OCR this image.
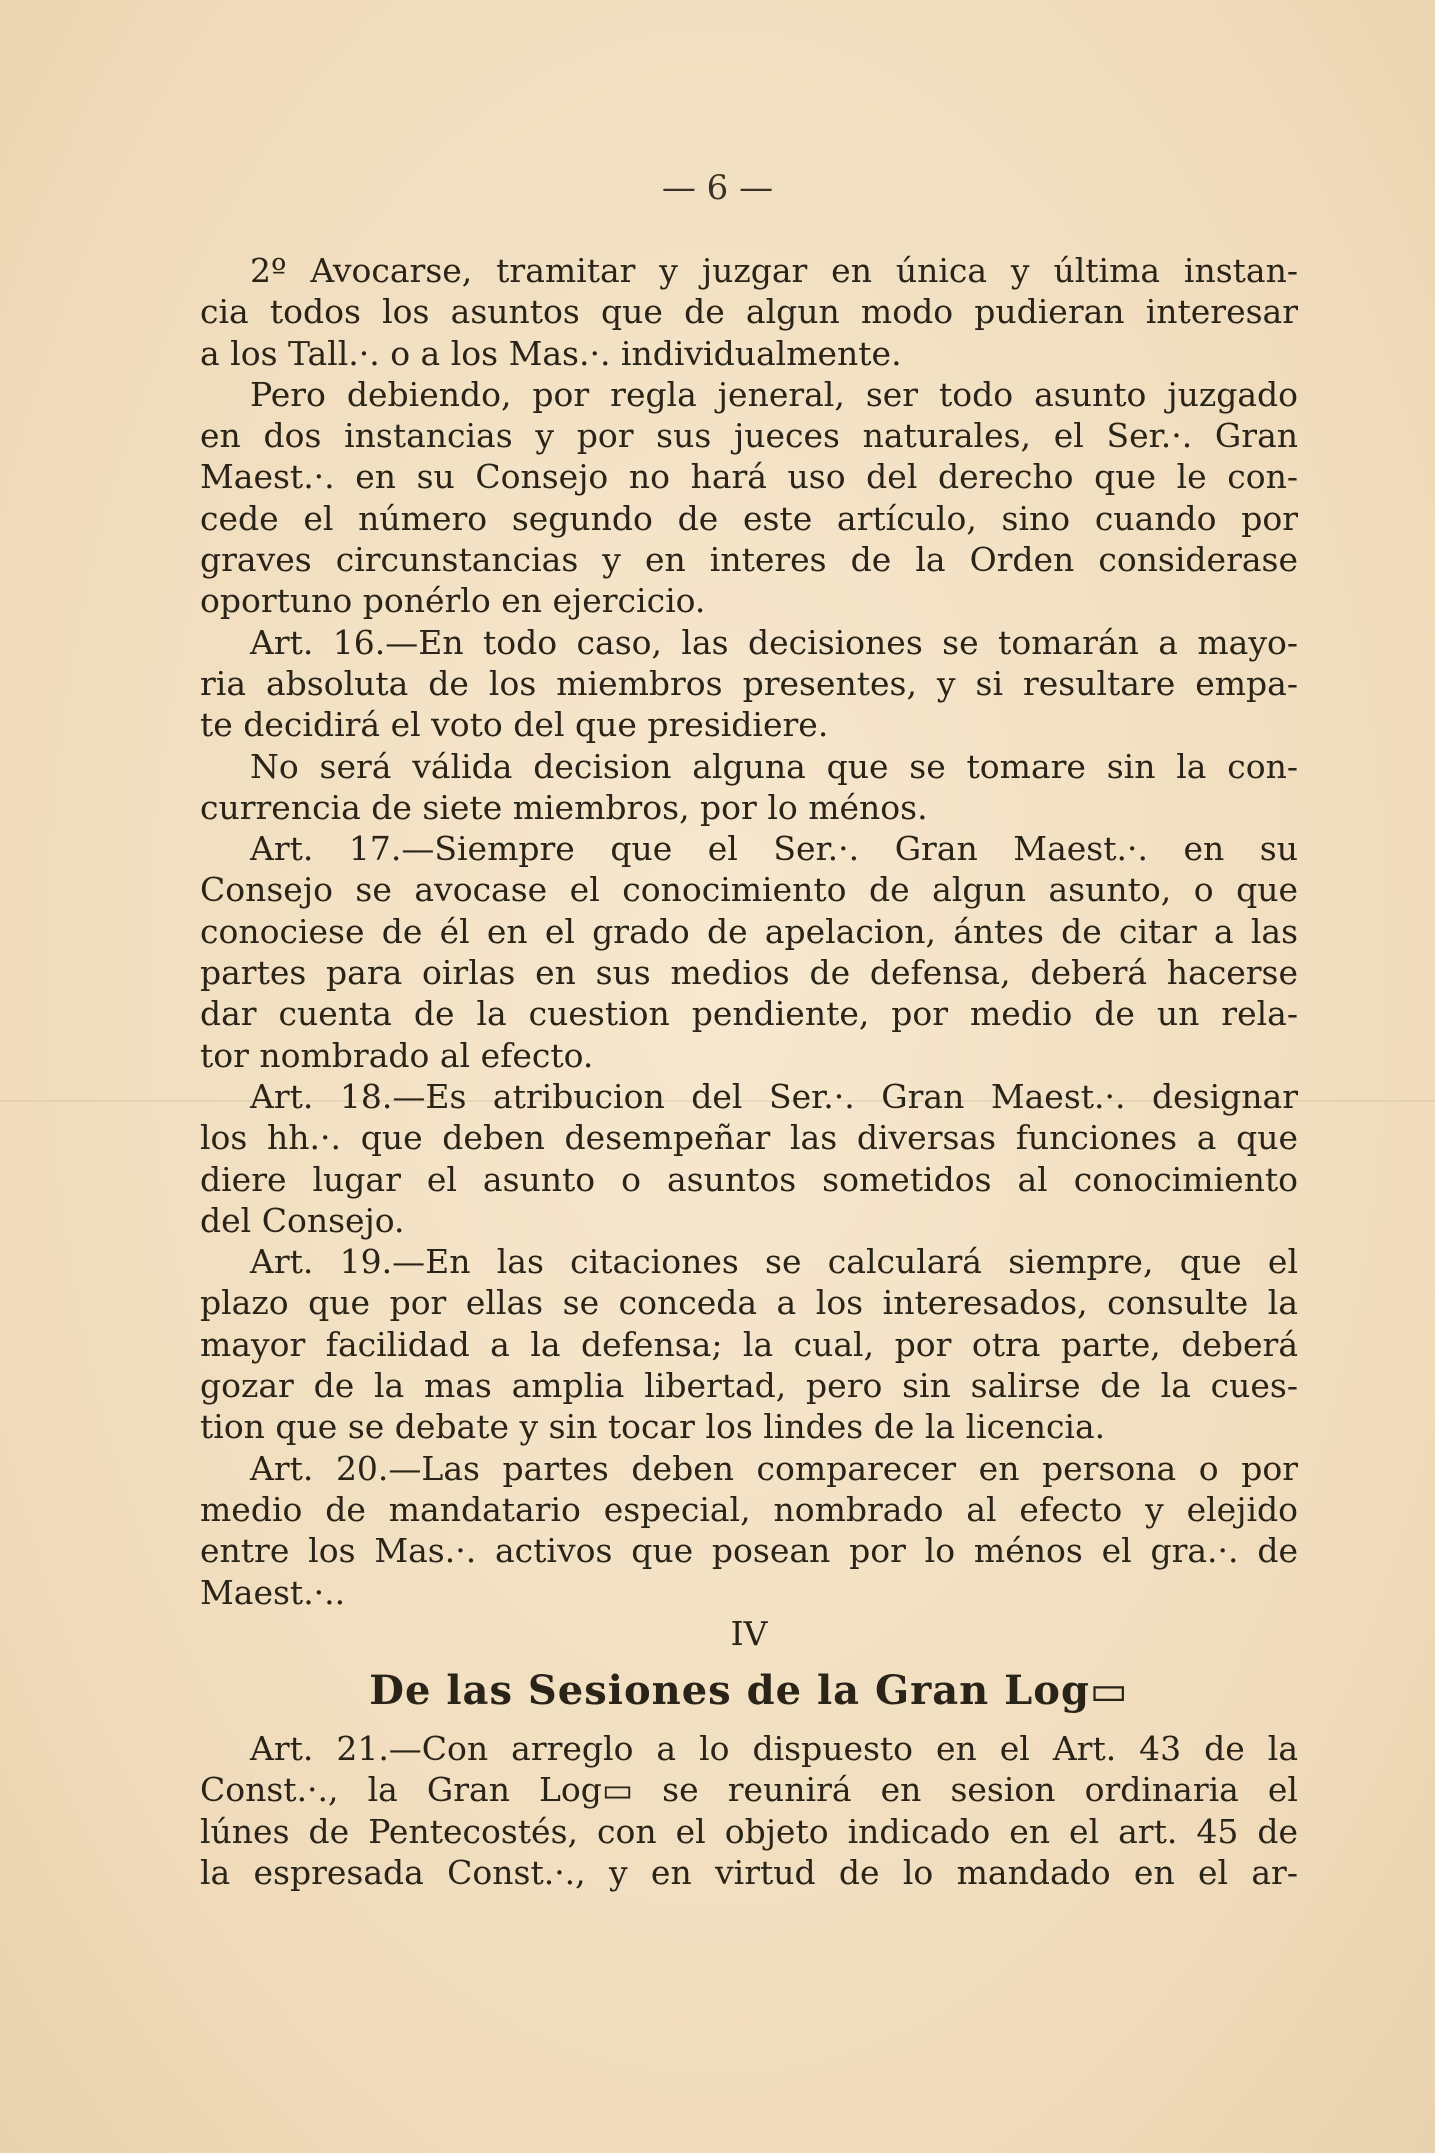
— 6 —
2º Avocarse, tramitar y juzgar en única y última instan-
cia todos los asuntos que de algun modo pudieran interesar
a los Tall.·. o a los Mas.·. individualmente.
Pero debiendo, por regla jeneral, ser todo asunto juzgado
en dos instancias y por sus jueces naturales, el Ser.·. Gran
Maest.·. en su Consejo no hará uso del derecho que le con-
cede el número segundo de este artículo, sino cuando por
graves circunstancias y en interes de la Orden considerase
oportuno ponérlo en ejercicio.
Art. 16.—En todo caso, las decisiones se tomarán a mayo-
ria absoluta de los miembros presentes, y si resultare empa-
te decidirá el voto del que presidiere.
No será válida decision alguna que se tomare sin la con-
currencia de siete miembros, por lo ménos.
Art. 17.—Siempre que el Ser.·. Gran Maest.·. en su
Consejo se avocase el conocimiento de algun asunto, o que
conociese de él en el grado de apelacion, ántes de citar a las
partes para oirlas en sus medios de defensa, deberá hacerse
dar cuenta de la cuestion pendiente, por medio de un rela-
tor nombrado al efecto.
Art. 18.—Es atribucion del Ser.·. Gran Maest.·. designar
los hh.·. que deben desempeñar las diversas funciones a que
diere lugar el asunto o asuntos sometidos al conocimiento
del Consejo.
Art. 19.—En las citaciones se calculará siempre, que el
plazo que por ellas se conceda a los interesados, consulte la
mayor facilidad a la defensa; la cual, por otra parte, deberá
gozar de la mas amplia libertad, pero sin salirse de la cues-
tion que se debate y sin tocar los lindes de la licencia.
Art. 20.—Las partes deben comparecer en persona o por
medio de mandatario especial, nombrado al efecto y elejido
entre los Mas.·. activos que posean por lo ménos el gra.·. de
Maest.·..
IV
De las Sesiones de la Gran Log▭
Art. 21.—Con arreglo a lo dispuesto en el Art. 43 de la
Const.·., la Gran Log▭ se reunirá en sesion ordinaria el
lúnes de Pentecostés, con el objeto indicado en el art. 45 de
la espresada Const.·., y en virtud de lo mandado en el ar-
